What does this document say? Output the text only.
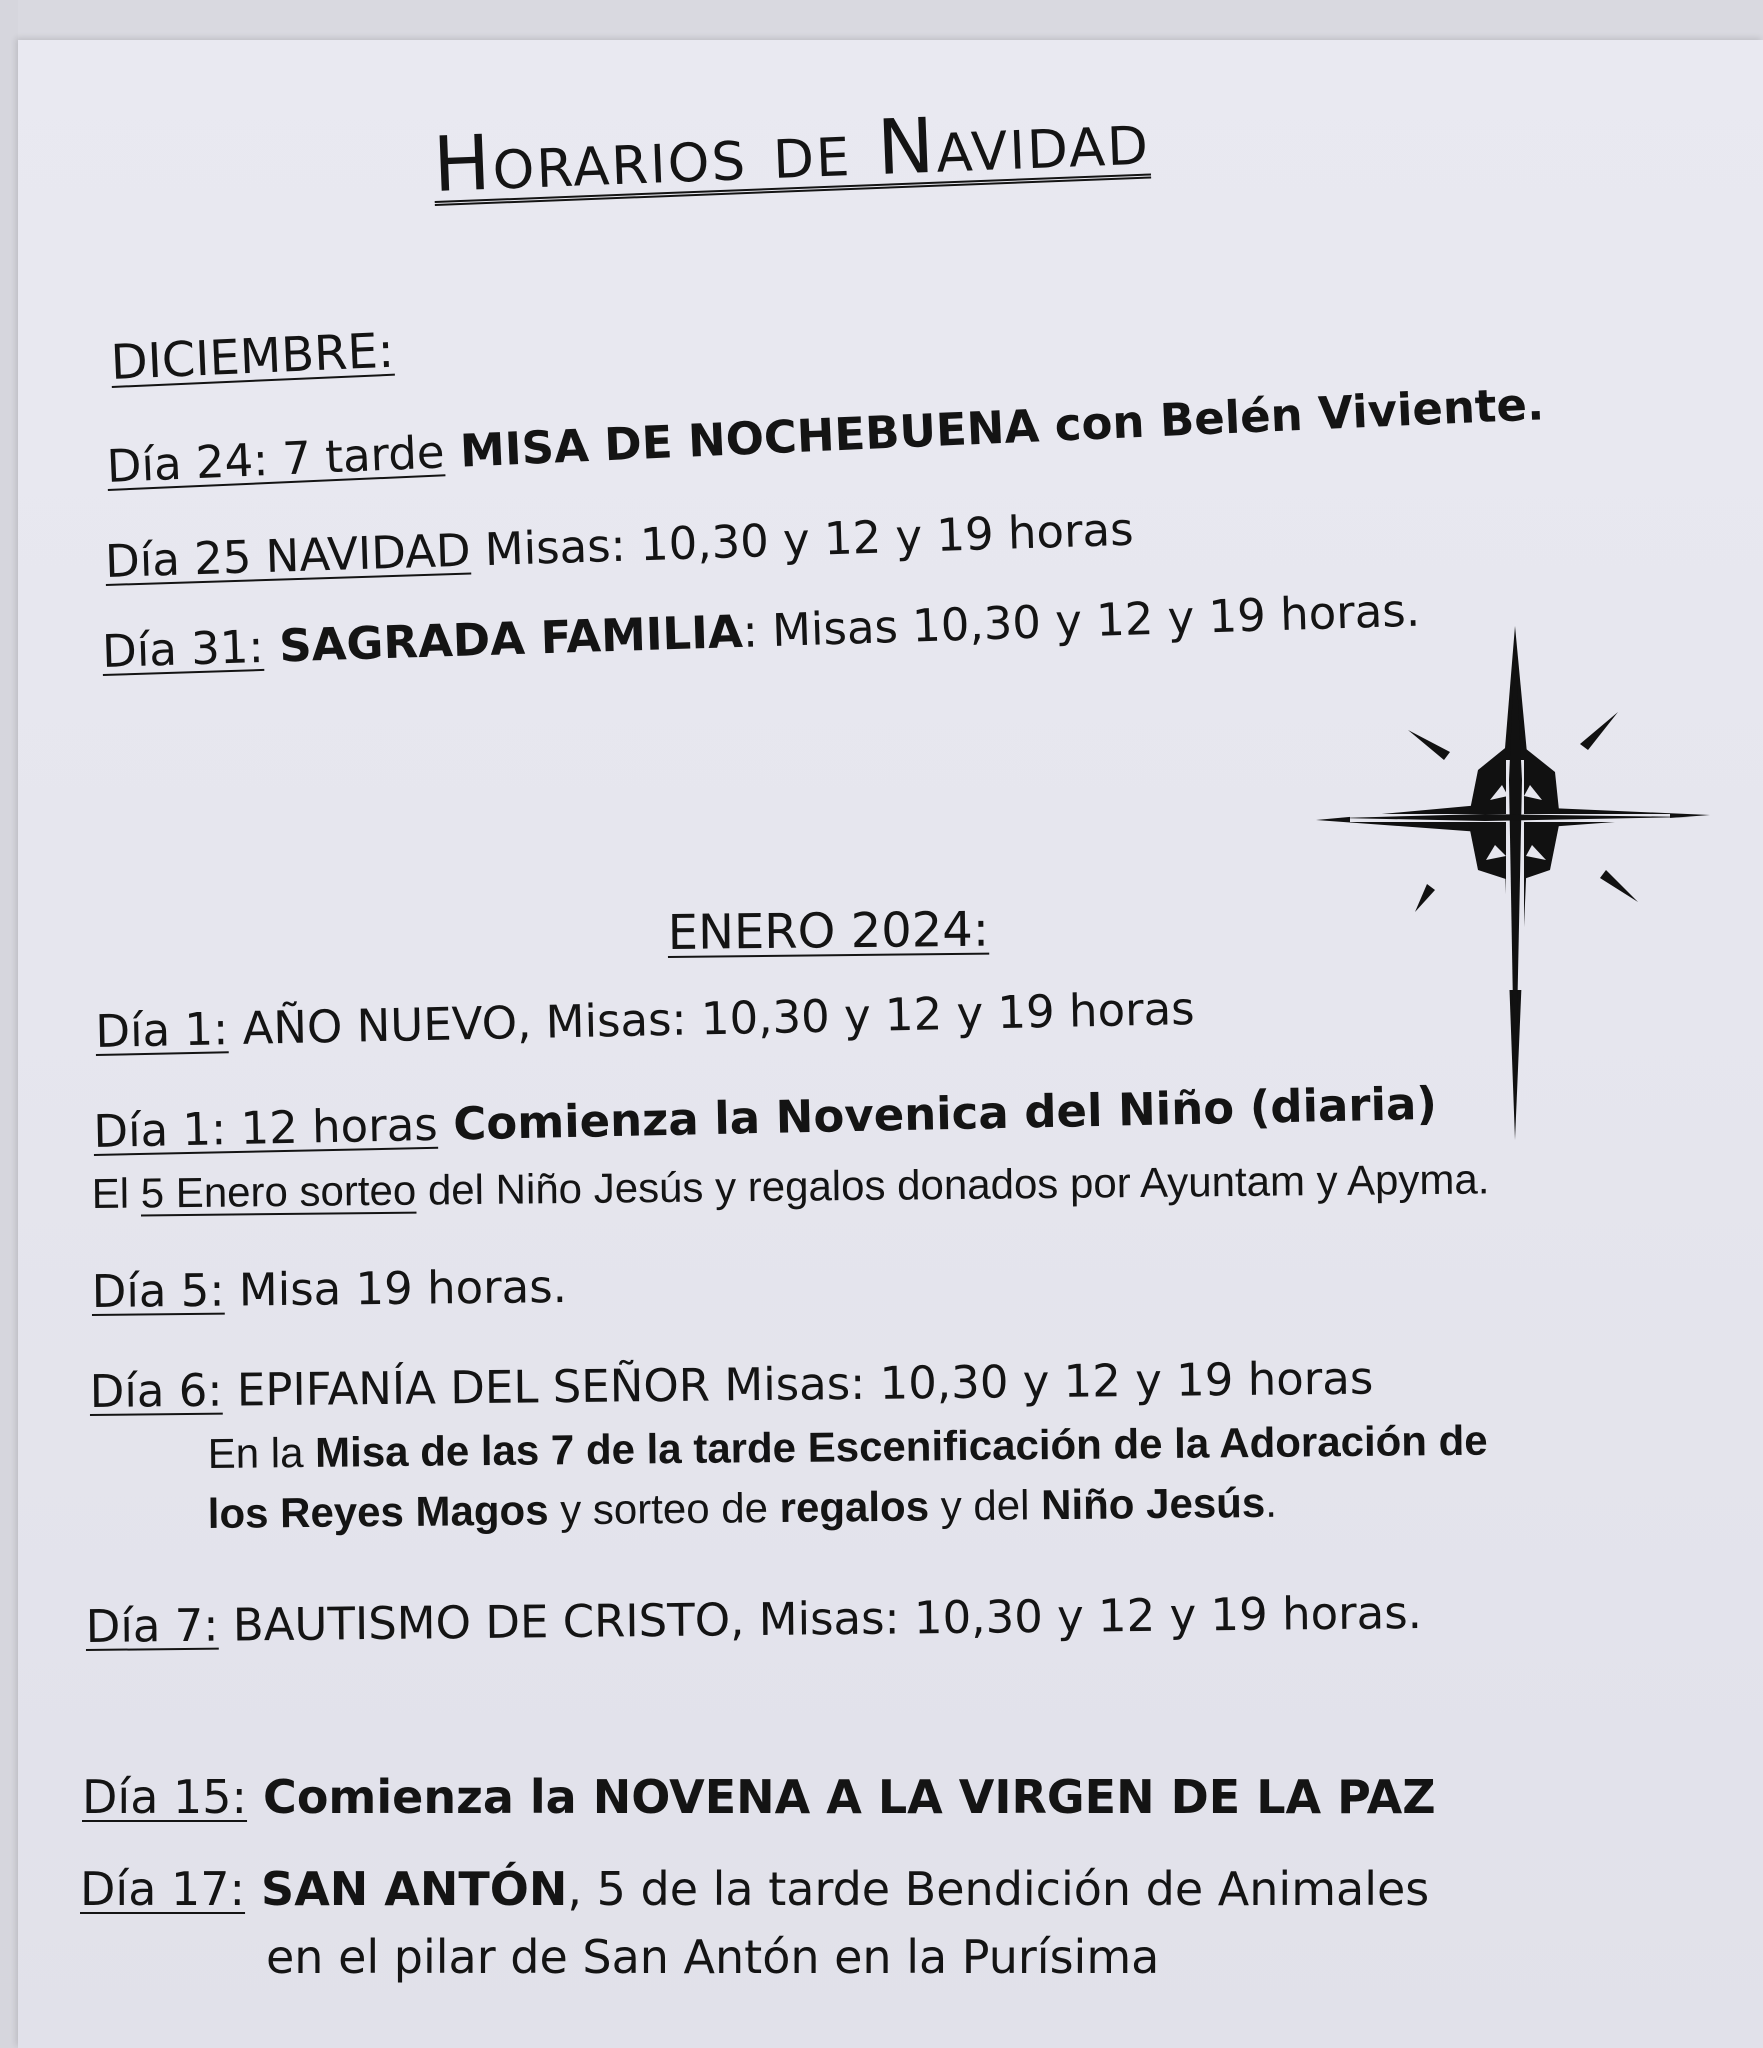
Horarios de Navidad
DICIEMBRE:
Día 24: 7 tarde MISA DE NOCHEBUENA con Belén Viviente.
Día 25 NAVIDAD Misas: 10,30 y 12 y 19 horas
Día 31: SAGRADA FAMILIA: Misas 10,30 y 12 y 19 horas.
ENERO 2024:
Día 1: AÑO NUEVO, Misas: 10,30 y 12 y 19 horas
Día 1: 12 horas Comienza la Novenica del Niño (diaria)
El 5 Enero sorteo del Niño Jesús y regalos donados por Ayuntam y Apyma.
Día 5: Misa 19 horas.
Día 6: EPIFANÍA DEL SEÑOR Misas: 10,30 y 12 y 19 horas
En la Misa de las 7 de la tarde Escenificación de la Adoración de
los Reyes Magos y sorteo de regalos y del Niño Jesús.
Día 7: BAUTISMO DE CRISTO, Misas: 10,30 y 12 y 19 horas.
Día 15: Comienza la NOVENA A LA VIRGEN DE LA PAZ
Día 17: SAN ANTÓN, 5 de la tarde Bendición de Animales
en el pilar de San Antón en la Purísima
